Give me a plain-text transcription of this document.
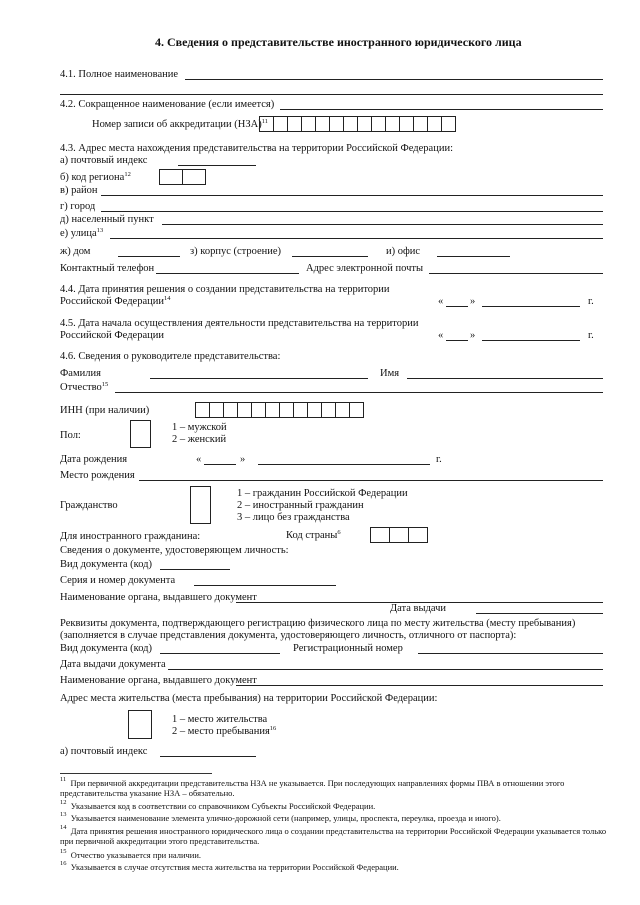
4. Сведения о представительстве иностранного юридического лица
4.1. Полное наименование
4.2. Сокращенное наименование (если имеется)
Номер записи об аккредитации (НЗА)$^{11}$
4.3. Адрес места нахождения представительства на территории Российской Федерации:
а) почтовый индекс
б) код региона$^{12}$
в) район
г) город
д) населенный пункт
е) улица$^{13}$
ж) дом	з) корпус (строение)	и) офис
Контактный телефон	Адрес электронной почты
4.4. Дата принятия решения о создании представительства на территории
Российской Федерации$^{14}$	«	»	г.
4.5. Дата начала осуществления деятельности представительства на территории
Российской Федерации	«	»	г.
4.6. Сведения о руководителе представительства:
Фамилия	Имя
Отчество$^{15}$
ИНН (при наличии)
Пол:
1 – мужской
2 – женский
Дата рождения	«	»	г.
Место рождения
Гражданство
1 – гражданин Российской Федерации
2 – иностранный гражданин
3 – лицо без гражданства
Для иностранного гражданина:	Код страны$^6$
Сведения о документе, удостоверяющем личность:
Вид документа (код)
Серия и номер документа
Наименование органа, выдавшего документ
Дата выдачи
Реквизиты документа, подтверждающего регистрацию физического лица по месту жительства (месту пребывания)
(заполняется в случае представления документа, удостоверяющего личность, отличного от паспорта):
Вид документа (код)	Регистрационный номер
Дата выдачи документа
Наименование органа, выдавшего документ
Адрес места жительства (места пребывания) на территории Российской Федерации:
1 – место жительства
2 – место пребывания$^{16}$
а) почтовый индекс
$^{11}$ При первичной аккредитации представительства НЗА не указывается. При последующих направлениях формы ПВА в отношении этого представительства указание НЗА – обязательно.
$^{12}$ Указывается код в соответствии со справочником Субъекты Российской Федерации.
$^{13}$ Указывается наименование элемента улично-дорожной сети (например, улицы, проспекта, переулка, проезда и иного).
$^{14}$ Дата принятия решения иностранного юридического лица о создании представительства на территории Российской Федерации указывается только при первичной аккредитации этого представительства.
$^{15}$ Отчество указывается при наличии.
$^{16}$ Указывается в случае отсутствия места жительства на территории Российской Федерации.
